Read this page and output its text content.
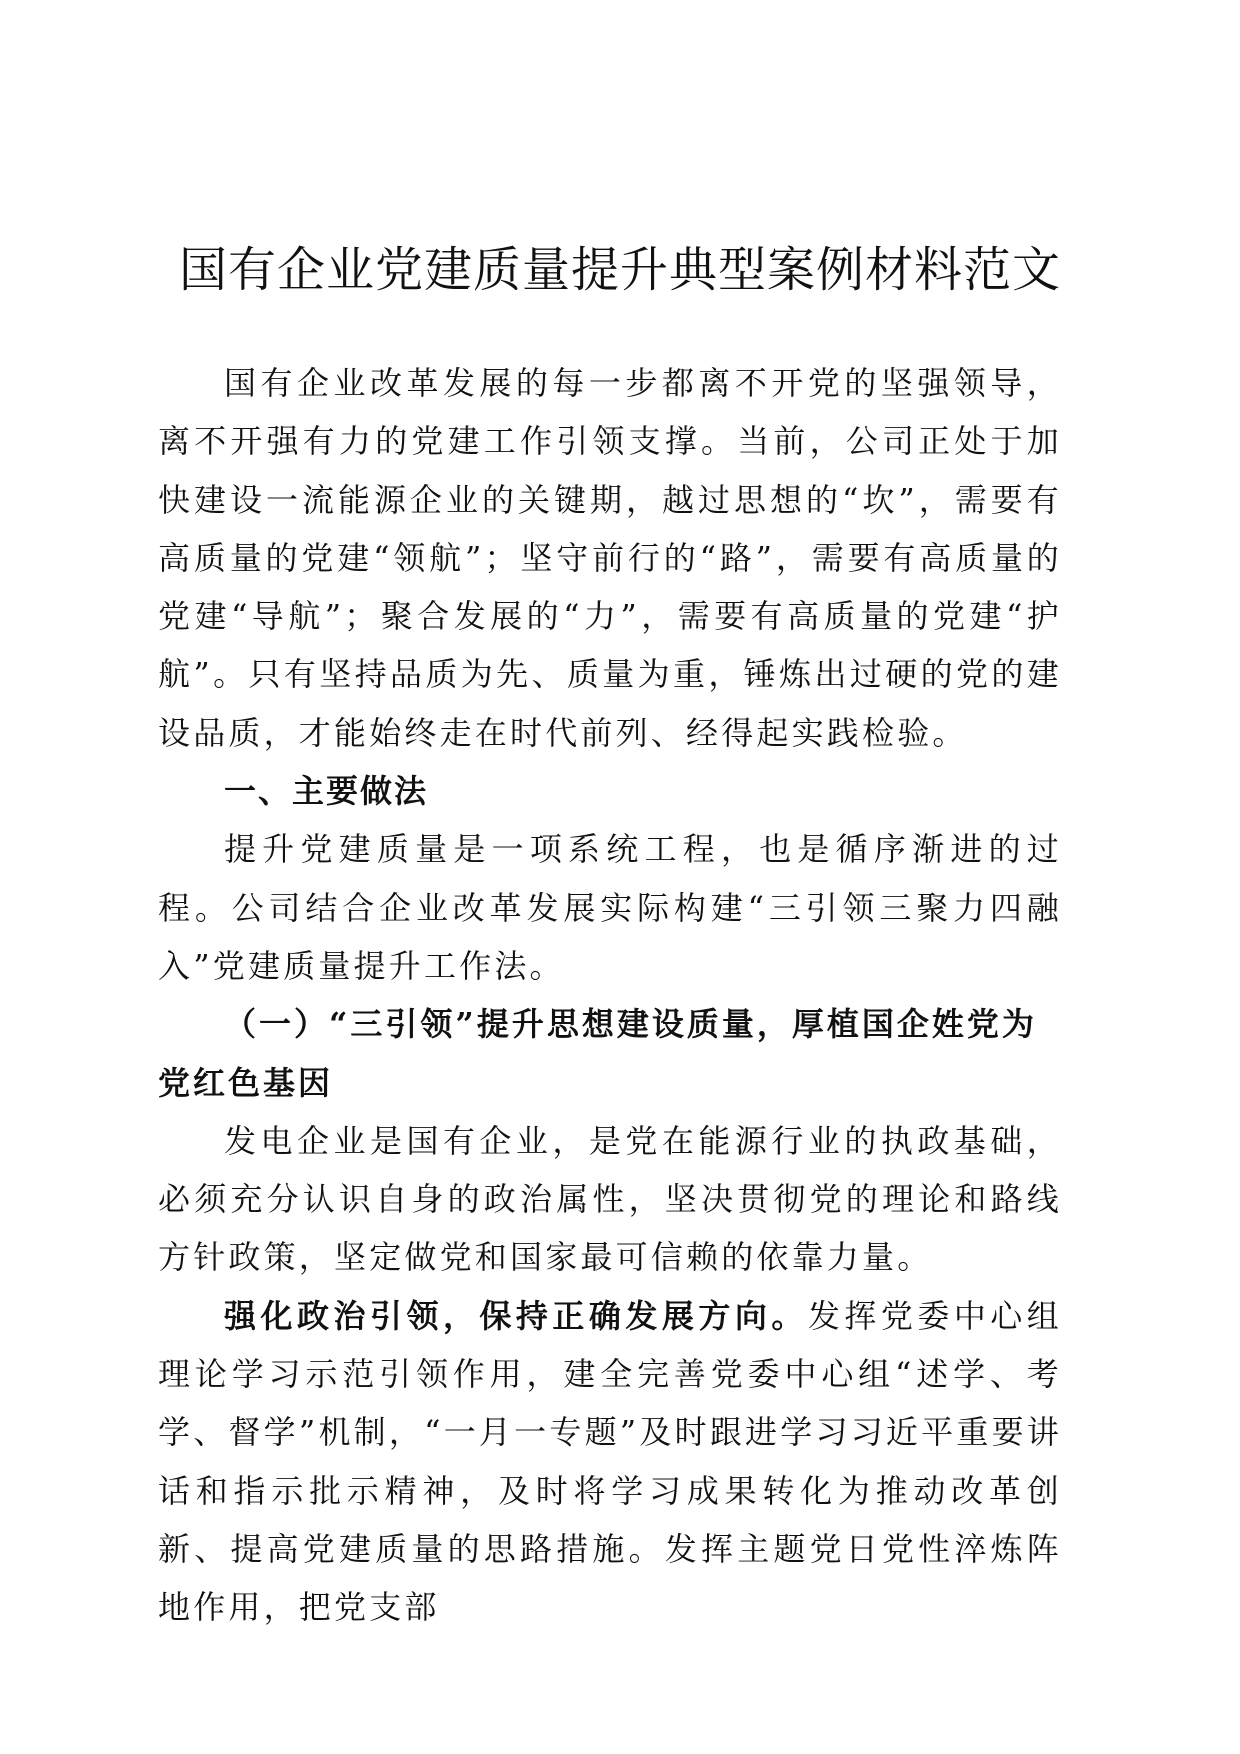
国有企业党建质量提升典型案例材料范文

国有企业改革发展的每一步都离不开党的坚强领导，离不开强有力的党建工作引领支撑。当前，公司正处于加快建设一流能源企业的关键期，越过思想的“坎”，需要有高质量的党建“领航”；坚守前行的“路”，需要有高质量的党建“导航”；聚合发展的“力”，需要有高质量的党建“护航”。只有坚持品质为先、质量为重，锤炼出过硬的党的建设品质，才能始终走在时代前列、经得起实践检验。

一、主要做法

提升党建质量是一项系统工程，也是循序渐进的过程。公司结合企业改革发展实际构建“三引领三聚力四融入”党建质量提升工作法。

（一）“三引领”提升思想建设质量，厚植国企姓党为党红色基因

发电企业是国有企业，是党在能源行业的执政基础，必须充分认识自身的政治属性，坚决贯彻党的理论和路线方针政策，坚定做党和国家最可信赖的依靠力量。

强化政治引领，保持正确发展方向。发挥党委中心组理论学习示范引领作用，建全完善党委中心组“述学、考学、督学”机制，“一月一专题”及时跟进学习习近平重要讲话和指示批示精神，及时将学习成果转化为推动改革创新、提高党建质量的思路措施。发挥主题党日党性淬炼阵地作用，把党支部
